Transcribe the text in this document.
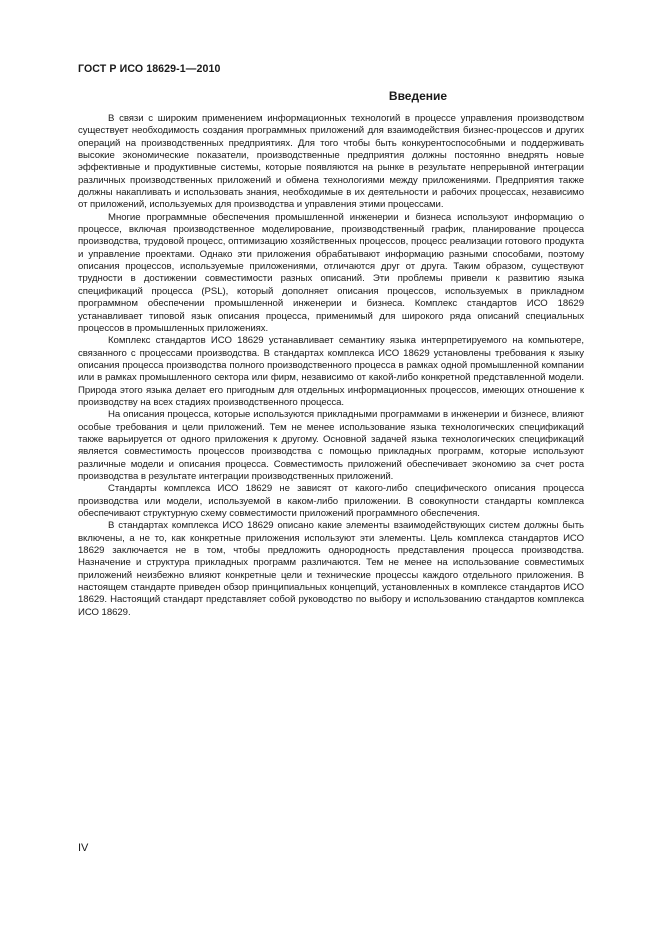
ГОСТ Р ИСО 18629-1—2010
Введение

В связи с широким применением информационных технологий в процессе управления производством существует необходимость создания программных приложений для взаимодействия бизнес-процессов и других операций на производственных предприятиях. Для того чтобы быть конкурентоспособными и поддерживать высокие экономические показатели, производственные предприятия должны постоянно внедрять новые эффективные и продуктивные системы, которые появляются на рынке в результате непрерывной интеграции различных производственных приложений и обмена технологиями между приложениями. Предприятия также должны накапливать и использовать знания, необходимые в их деятельности и рабочих процессах, независимо от приложений, используемых для производства и управления этими процессами.

Многие программные обеспечения промышленной инженерии и бизнеса используют информацию о процессе, включая производственное моделирование, производственный график, планирование процесса производства, трудовой процесс, оптимизацию хозяйственных процессов, процесс реализации готового продукта и управление проектами. Однако эти приложения обрабатывают информацию разными способами, поэтому описания процессов, используемые приложениями, отличаются друг от друга. Таким образом, существуют трудности в достижении совместимости разных описаний. Эти проблемы привели к развитию языка спецификаций процесса (PSL), который дополняет описания процессов, используемых в прикладном программном обеспечении промышленной инженерии и бизнеса. Комплекс стандартов ИСО 18629 устанавливает типовой язык описания процесса, применимый для широкого ряда описаний специальных процессов в промышленных приложениях.

Комплекс стандартов ИСО 18629 устанавливает семантику языка интерпретируемого на компьютере, связанного с процессами производства. В стандартах комплекса ИСО 18629 установлены требования к языку описания процесса производства полного производственного процесса в рамках одной промышленной компании или в рамках промышленного сектора или фирм, независимо от какой-либо конкретной представленной модели. Природа этого языка делает его пригодным для отдельных информационных процессов, имеющих отношение к производству на всех стадиях производственного процесса.

На описания процесса, которые используются прикладными программами в инженерии и бизнесе, влияют особые требования и цели приложений. Тем не менее использование языка технологических спецификаций также варьируется от одного приложения к другому. Основной задачей языка технологических спецификаций является совместимость процессов производства с помощью прикладных программ, которые используют различные модели и описания процесса. Совместимость приложений обеспечивает экономию за счет роста производства в результате интеграции производственных приложений.

Стандарты комплекса ИСО 18629 не зависят от какого-либо специфического описания процесса производства или модели, используемой в каком-либо приложении. В совокупности стандарты комплекса обеспечивают структурную схему совместимости приложений программного обеспечения.

В стандартах комплекса ИСО 18629 описано какие элементы взаимодействующих систем должны быть включены, а не то, как конкретные приложения используют эти элементы. Цель комплекса стандартов ИСО 18629 заключается не в том, чтобы предложить однородность представления процесса производства. Назначение и структура прикладных программ различаются. Тем не менее на использование совместимых приложений неизбежно влияют конкретные цели и технические процессы каждого отдельного приложения. В настоящем стандарте приведен обзор принципиальных концепций, установленных в комплексе стандартов ИСО 18629. Настоящий стандарт представляет собой руководство по выбору и использованию стандартов комплекса ИСО 18629.

IV
